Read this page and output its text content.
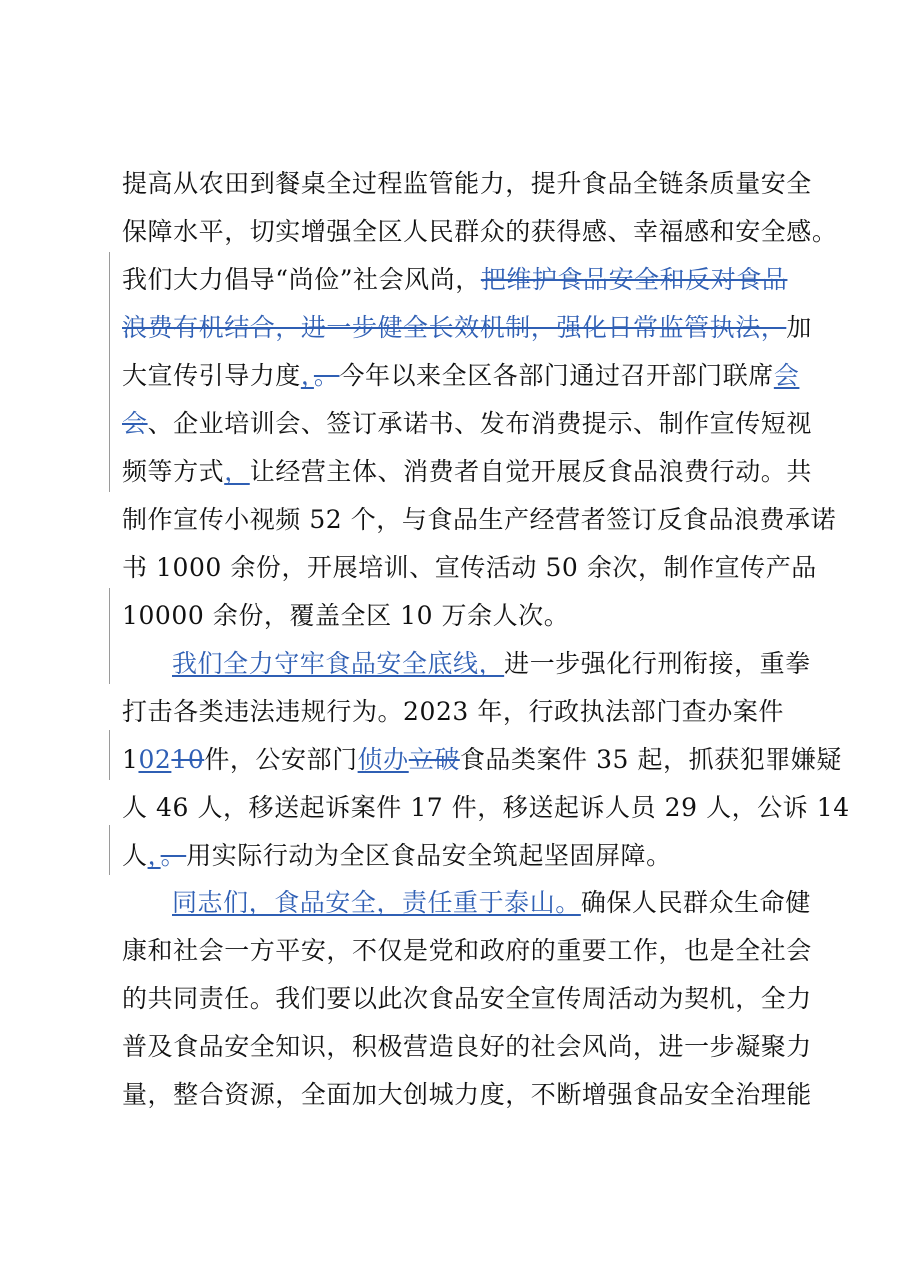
提高从农田到餐桌全过程监管能力，提升食品全链条质量安全
保障水平，切实增强全区人民群众的获得感、幸福感和安全感。
我们大力倡导“尚俭”社会风尚，把维护食品安全和反对食品
浪费有机结合，进一步健全长效机制，强化日常监管执法，加
大宣传引导力度，。今年以来全区各部门通过召开部门联席会
会、企业培训会、签订承诺书、发布消费提示、制作宣传短视
频等方式，让经营主体、消费者自觉开展反食品浪费行动。共
制作宣传小视频 52 个，与食品生产经营者签订反食品浪费承诺
书 1000 余份，开展培训、宣传活动 50 余次，制作宣传产品
10000 余份，覆盖全区 10 万余人次。
我们全力守牢食品安全底线，进一步强化行刑衔接，重拳
打击各类违法违规行为。2023 年，行政执法部门查办案件
10210件，公安部门侦办立破食品类案件 35 起，抓获犯罪嫌疑
人 46 人，移送起诉案件 17 件，移送起诉人员 29 人，公诉 14
人，。用实际行动为全区食品安全筑起坚固屏障。
同志们，食品安全，责任重于泰山。确保人民群众生命健
康和社会一方平安，不仅是党和政府的重要工作，也是全社会
的共同责任。我们要以此次食品安全宣传周活动为契机，全力
普及食品安全知识，积极营造良好的社会风尚，进一步凝聚力
量，整合资源，全面加大创城力度，不断增强食品安全治理能
